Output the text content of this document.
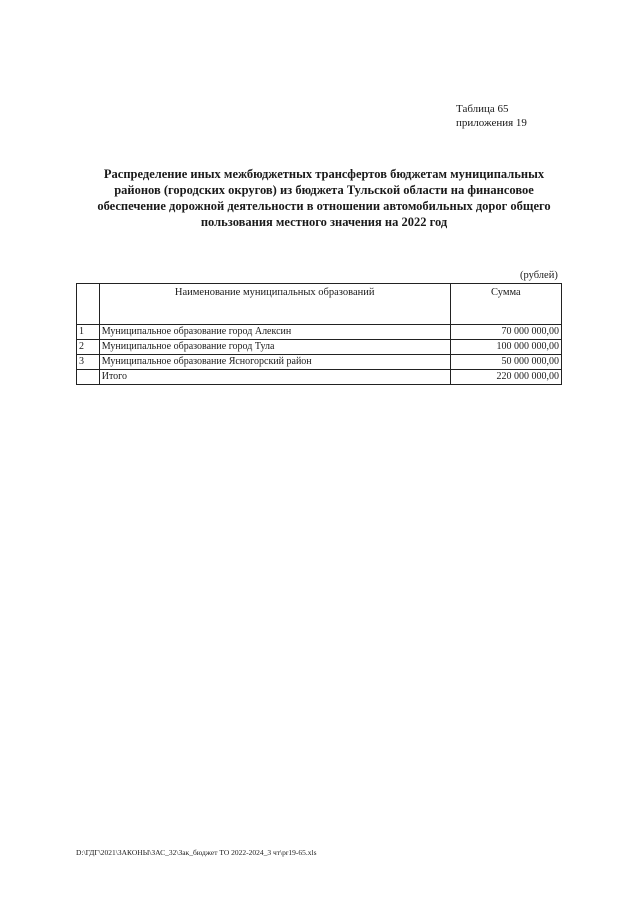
Таблица 65
приложения 19
Распределение иных межбюджетных трансфертов бюджетам муниципальных
районов (городских округов) из бюджета Тульской области на финансовое
обеспечение дорожной деятельности в отношении автомобильных дорог общего
пользования местного значения на 2022 год
(рублей)
	Наименование муниципальных образований	Сумма
1	Муниципальное образование город Алексин	70 000 000,00
2	Муниципальное образование город Тула	100 000 000,00
3	Муниципальное образование Ясногорский район	50 000 000,00
	Итого	220 000 000,00
D:\ГДГ\2021\ЗАКОНЫ\ЗАС_32\Зак_бюджет ТО 2022-2024_3 чт\pr19-65.xls
